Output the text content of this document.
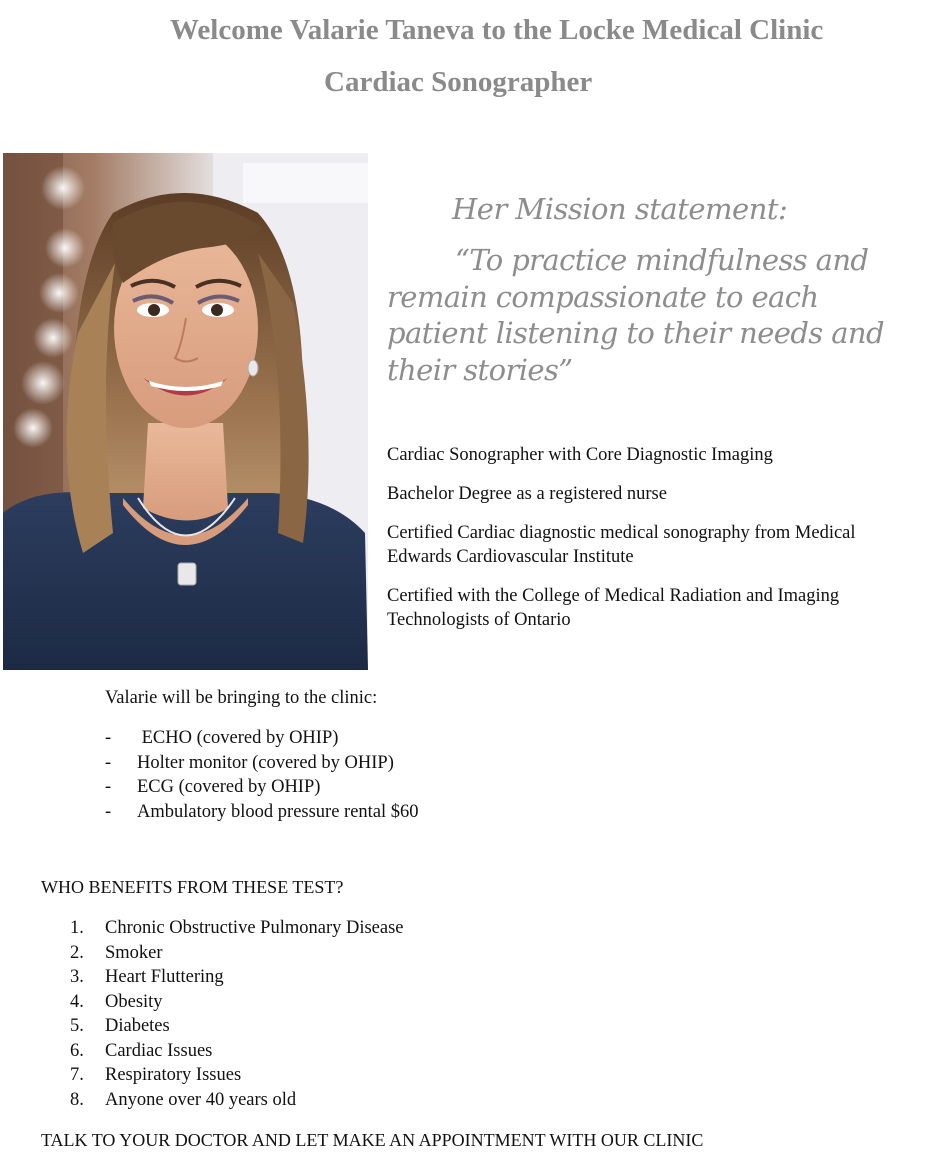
Welcome Valarie Taneva to the Locke Medical Clinic
Cardiac Sonographer
Her Mission statement:

“To practice mindfulness and remain compassionate to each patient listening to their needs and their stories”

Cardiac Sonographer with Core Diagnostic Imaging

Bachelor Degree as a registered nurse

Certified Cardiac diagnostic medical sonography from Medical Edwards Cardiovascular Institute

Certified with the College of Medical Radiation and Imaging Technologists of Ontario

Valarie will be bringing to the clinic:
- ECHO (covered by OHIP)
- Holter monitor (covered by OHIP)
- ECG (covered by OHIP)
- Ambulatory blood pressure rental $60
WHO BENEFITS FROM THESE TEST?
1. Chronic Obstructive Pulmonary Disease
2. Smoker
3. Heart Fluttering
4. Obesity
5. Diabetes
6. Cardiac Issues
7. Respiratory Issues
8. Anyone over 40 years old
TALK TO YOUR DOCTOR AND LET MAKE AN APPOINTMENT WITH OUR CLINIC
